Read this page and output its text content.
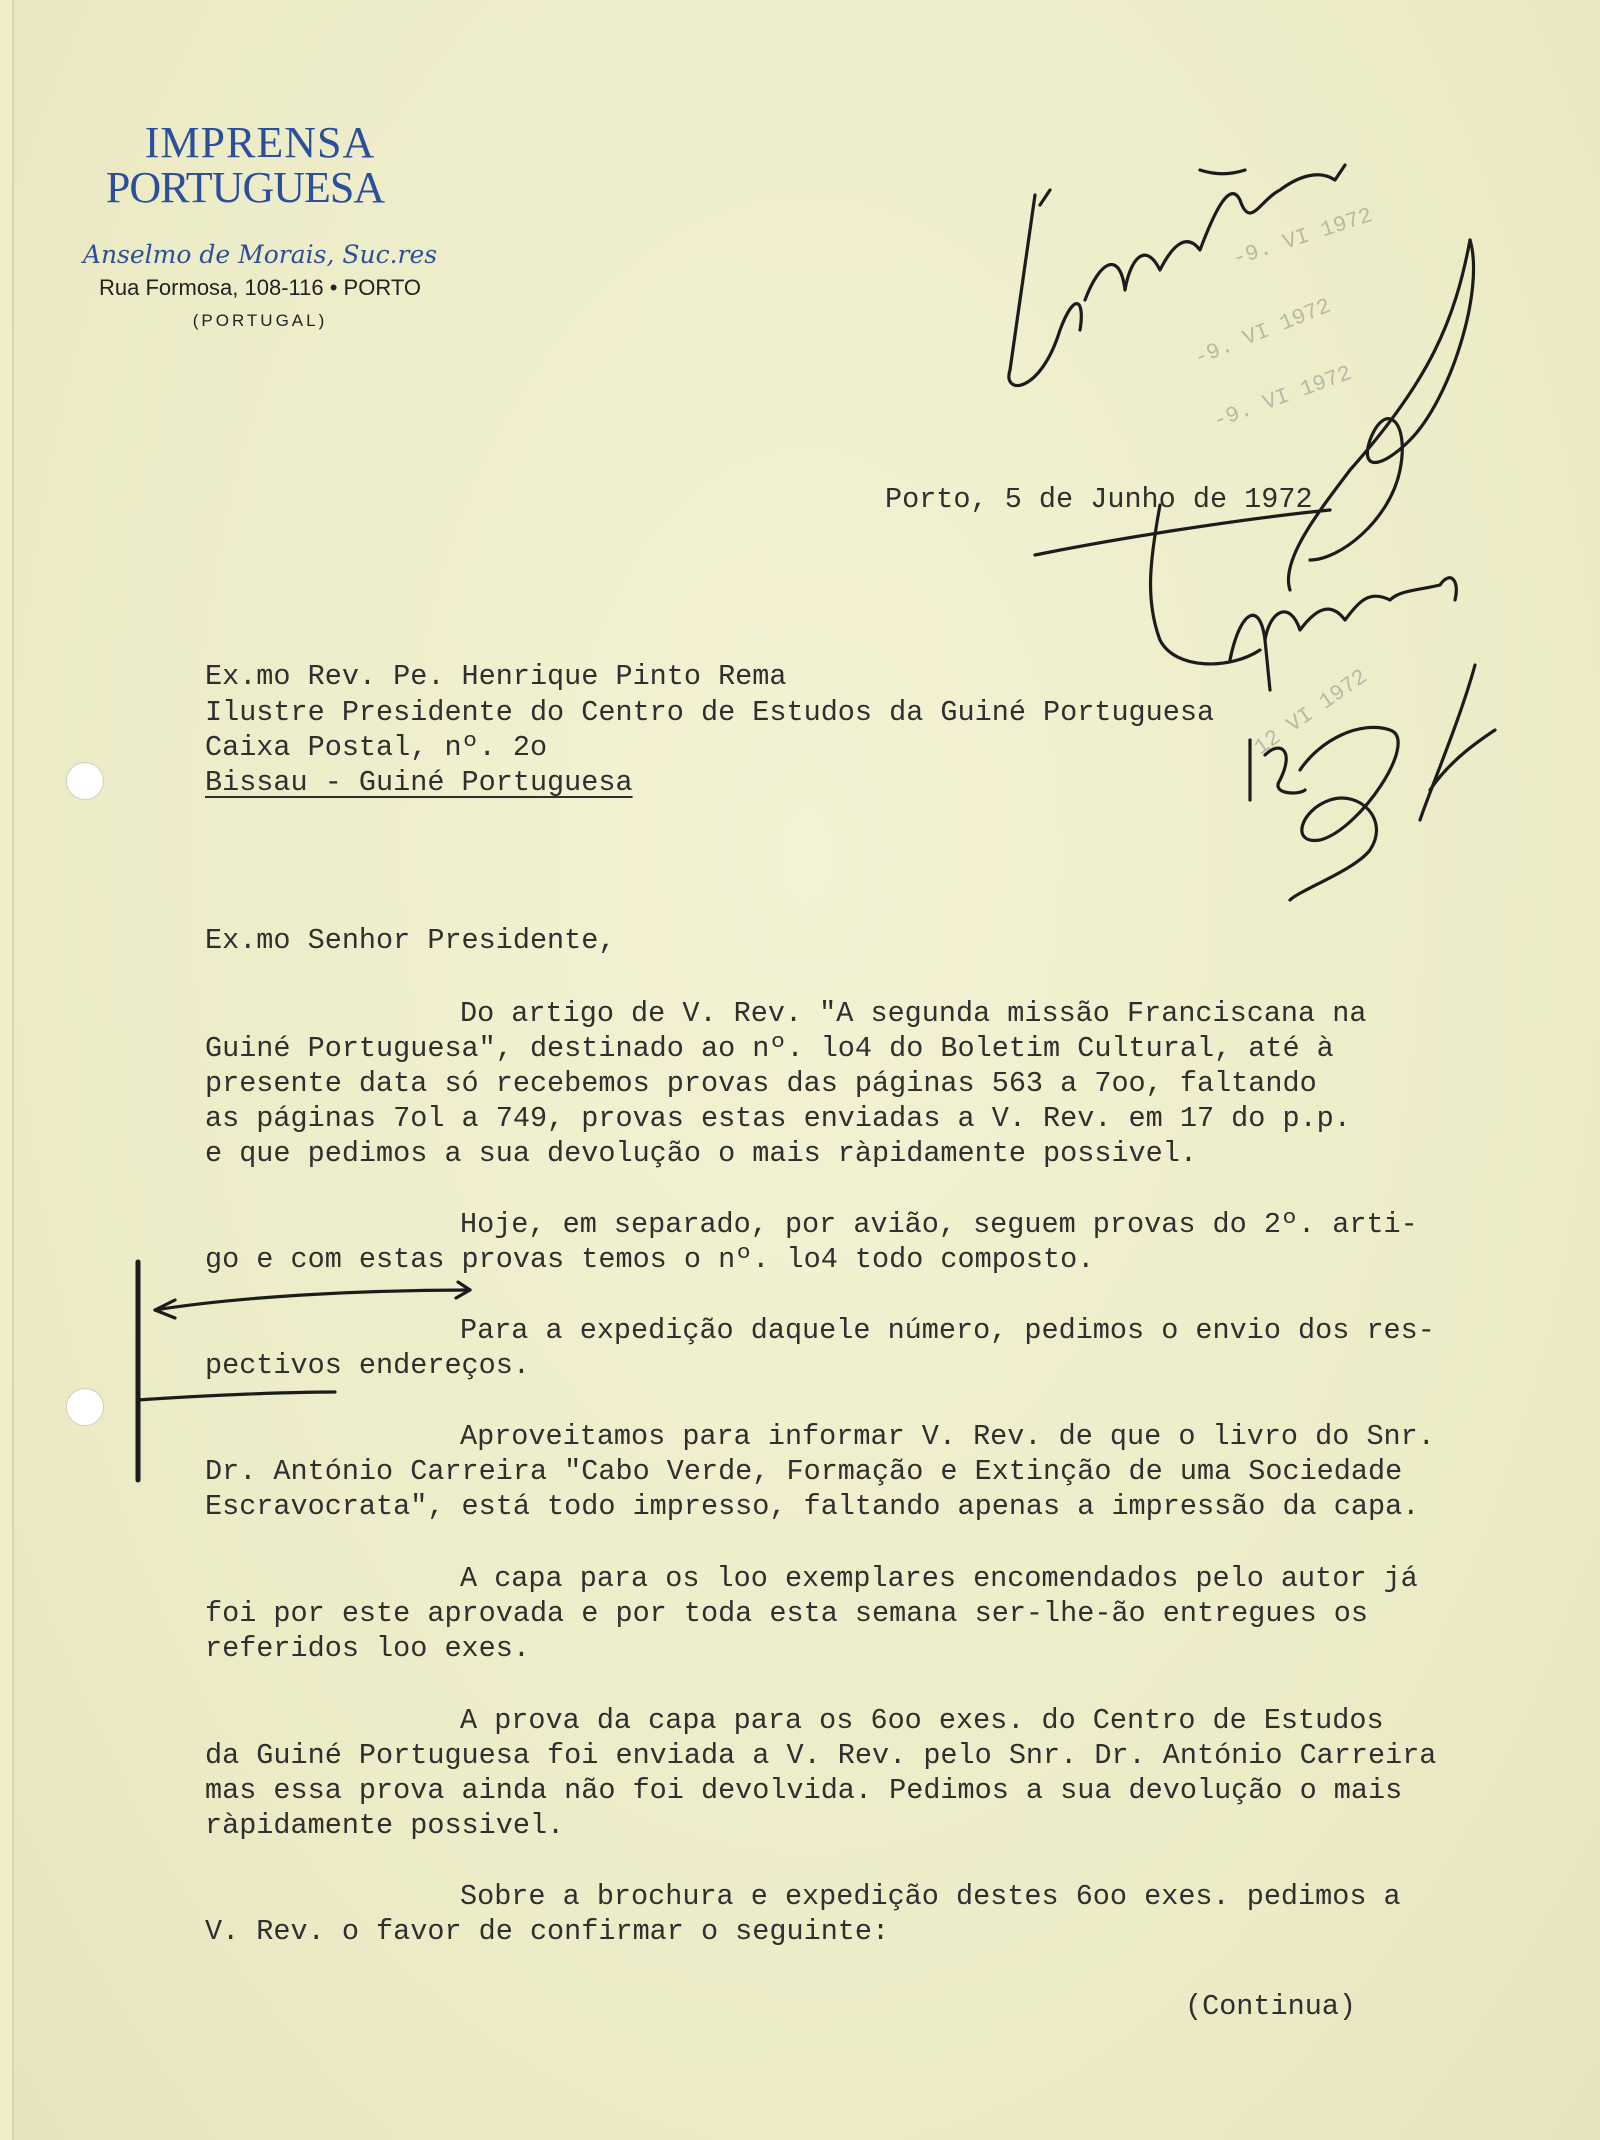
IMPRENSA
PORTUGUESA
Anselmo de Morais, Suc.res
Rua Formosa, 108-116 • PORTO
(PORTUGAL)
Porto, 5 de Junho de 1972
Ex.mo Rev. Pe. Henrique Pinto Rema
Ilustre Presidente do Centro de Estudos da Guiné Portuguesa
Caixa Postal, nº. 2o
Bissau - Guiné Portuguesa
Ex.mo Senhor Presidente,
Do artigo de V. Rev. "A segunda missão Franciscana na
Guiné Portuguesa", destinado ao nº. lo4 do Boletim Cultural, até à
presente data só recebemos provas das páginas 563 a 7oo, faltando
as páginas 7ol a 749, provas estas enviadas a V. Rev. em 17 do p.p.
e que pedimos a sua devolução o mais ràpidamente possivel.
Hoje, em separado, por avião, seguem provas do 2º. arti-
go e com estas provas temos o nº. lo4 todo composto.
Para a expedição daquele número, pedimos o envio dos res-
pectivos endereços.
Aproveitamos para informar V. Rev. de que o livro do Snr.
Dr. António Carreira "Cabo Verde, Formação e Extinção de uma Sociedade
Escravocrata", está todo impresso, faltando apenas a impressão da capa.
A capa para os loo exemplares encomendados pelo autor já
foi por este aprovada e por toda esta semana ser-lhe-ão entregues os
referidos loo exes.
A prova da capa para os 6oo exes. do Centro de Estudos
da Guiné Portuguesa foi enviada a V. Rev. pelo Snr. Dr. António Carreira
mas essa prova ainda não foi devolvida. Pedimos a sua devolução o mais
ràpidamente possivel.
Sobre a brochura e expedição destes 6oo exes. pedimos a
V. Rev. o favor de confirmar o seguinte:
(Continua)
-9. VI 1972
-9. VI 1972
-9. VI 1972
12 VI 1972
